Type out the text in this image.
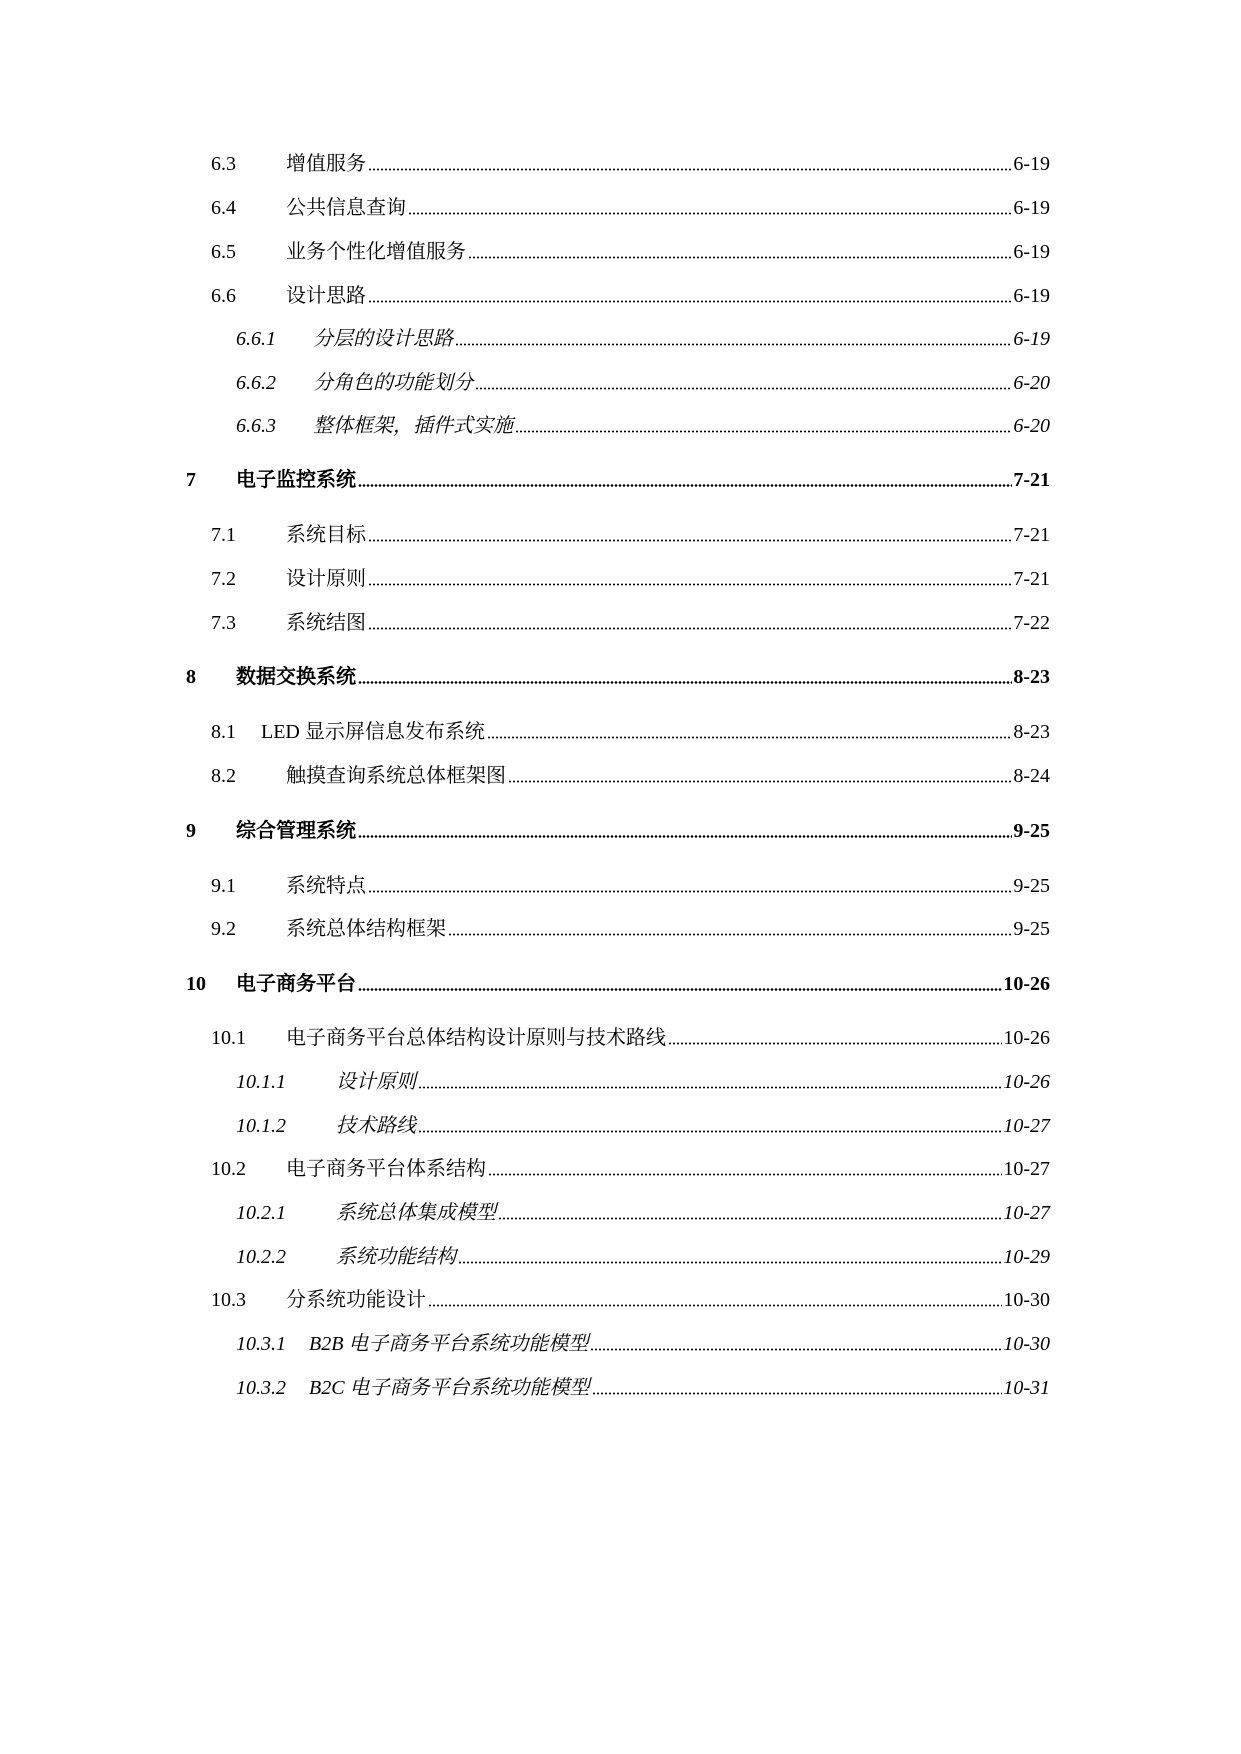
6.3	增值服务	6-19
6.4	公共信息查询	6-19
6.5	业务个性化增值服务	6-19
6.6	设计思路	6-19
6.6.1	分层的设计思路	6-19
6.6.2	分角色的功能划分	6-20
6.6.3	整体框架，插件式实施	6-20
7	电子监控系统	7-21
7.1	系统目标	7-21
7.2	设计原则	7-21
7.3	系统结图	7-22
8	数据交换系统	8-23
8.1	LED 显示屏信息发布系统	8-23
8.2	触摸查询系统总体框架图	8-24
9	综合管理系统	9-25
9.1	系统特点	9-25
9.2	系统总体结构框架	9-25
10	电子商务平台	10-26
10.1	电子商务平台总体结构设计原则与技术路线	10-26
10.1.1	设计原则	10-26
10.1.2	技术路线	10-27
10.2	电子商务平台体系结构	10-27
10.2.1	系统总体集成模型	10-27
10.2.2	系统功能结构	10-29
10.3	分系统功能设计	10-30
10.3.1	B2B 电子商务平台系统功能模型	10-30
10.3.2	B2C 电子商务平台系统功能模型	10-31
